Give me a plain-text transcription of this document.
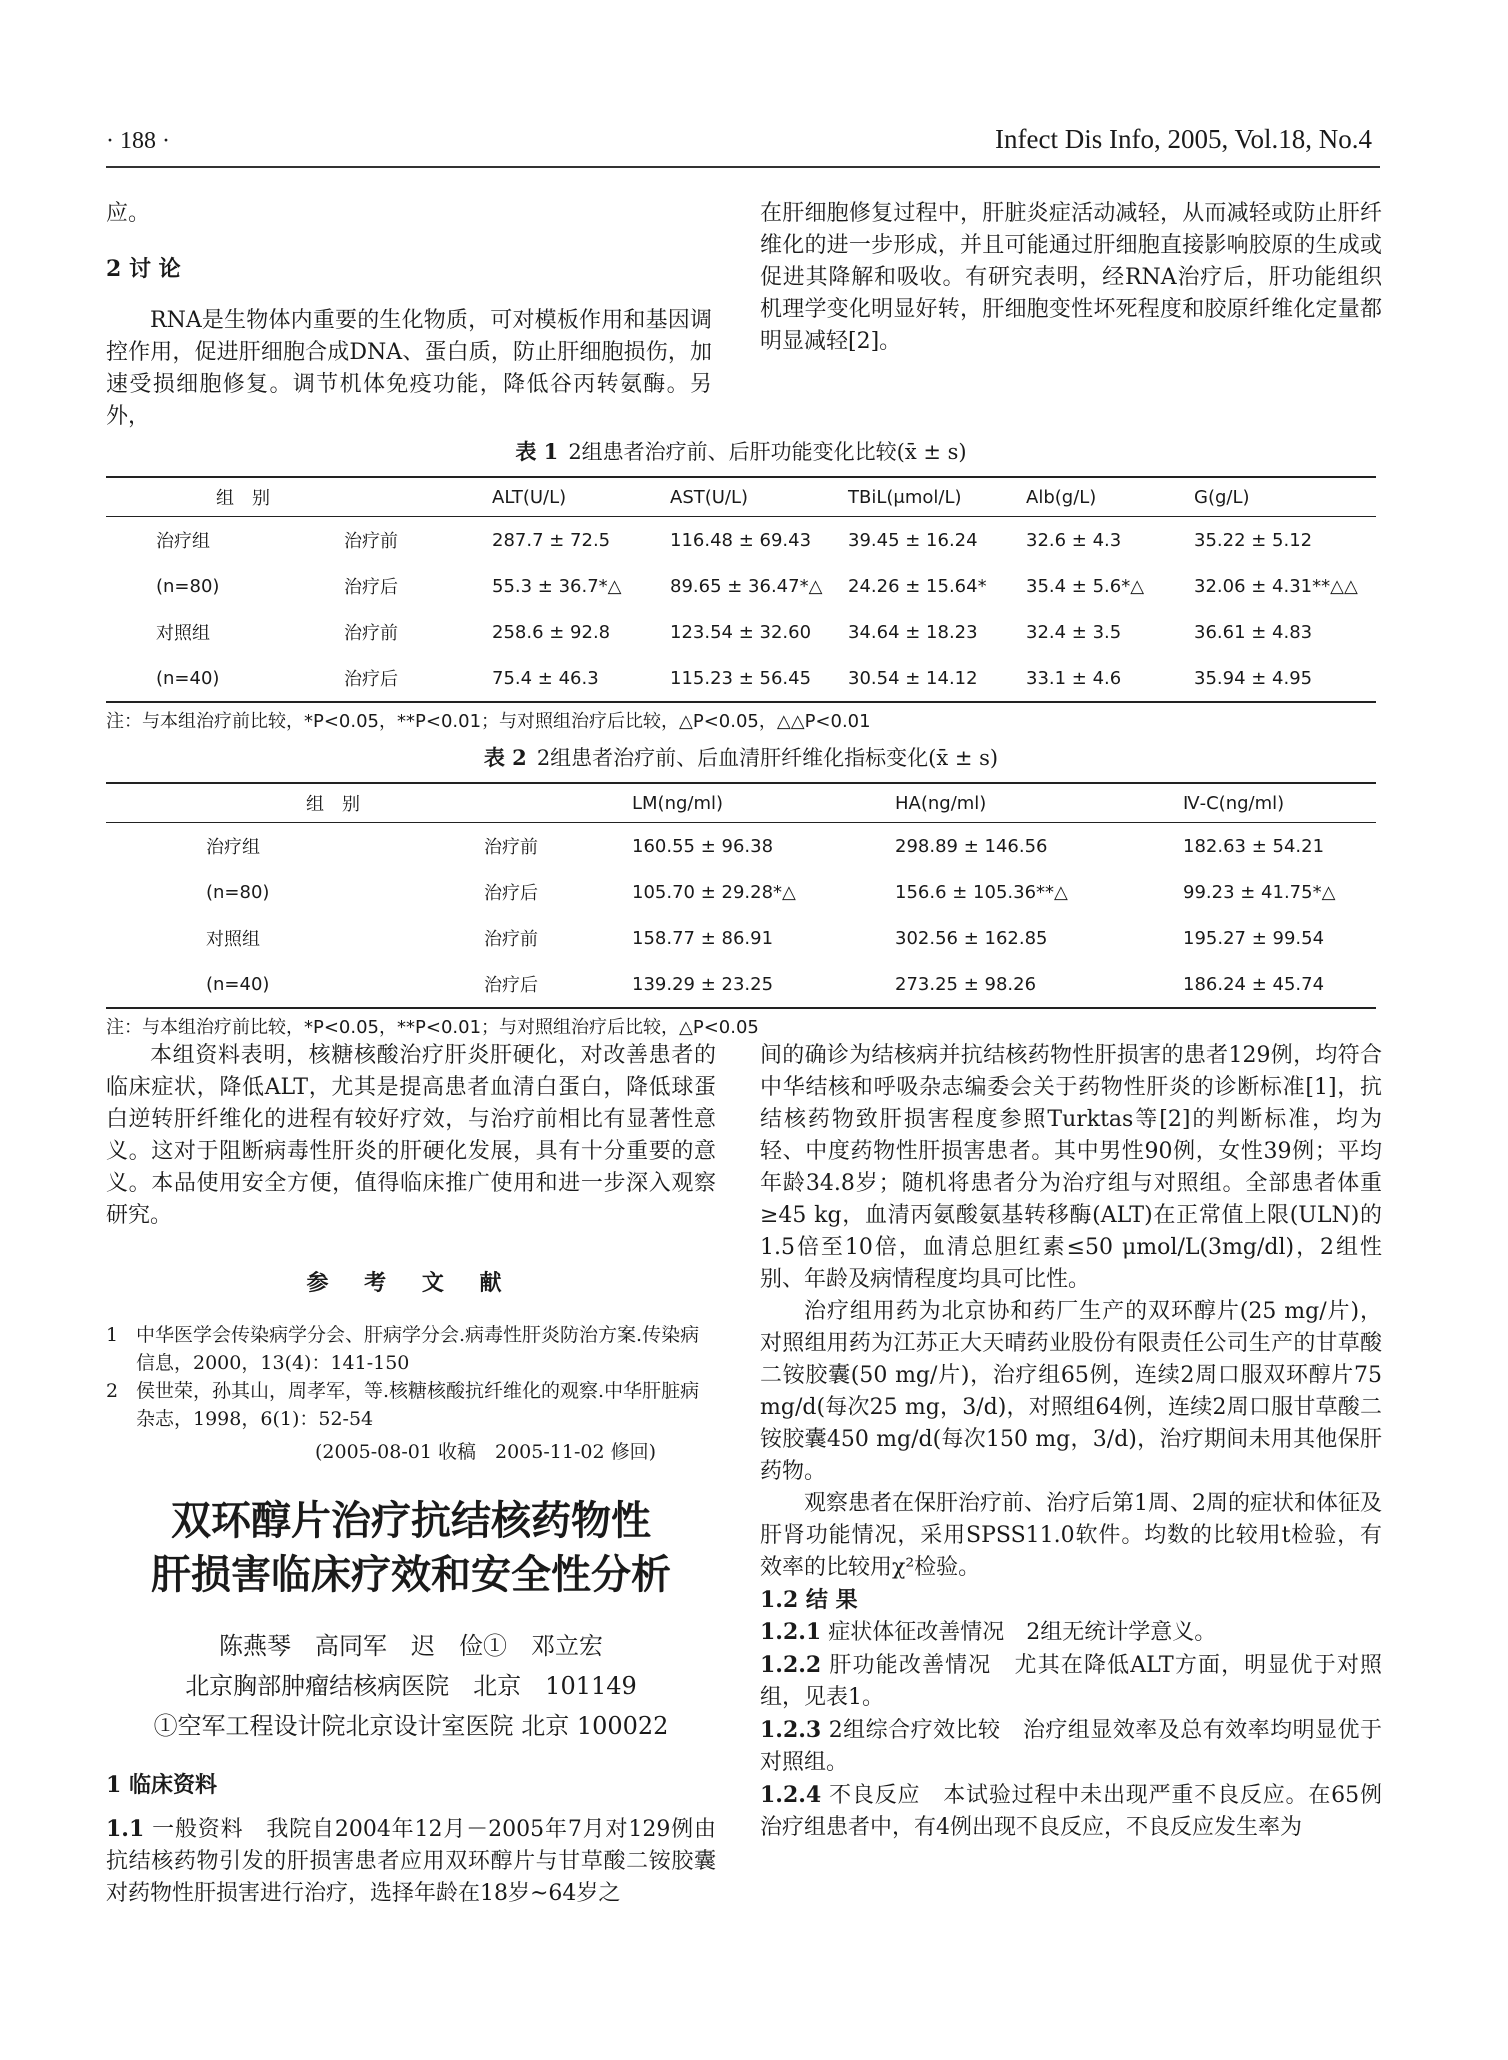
· 188 ·	Infect Dis Info, 2005, Vol.18, No.4

应。

2 讨 论

RNA是生物体内重要的生化物质，可对模板作用和基因调控作用，促进肝细胞合成DNA、蛋白质，防止肝细胞损伤，加速受损细胞修复。调节机体免疫功能，降低谷丙转氨酶。另外，

在肝细胞修复过程中，肝脏炎症活动减轻，从而减轻或防止肝纤维化的进一步形成，并且可能通过肝细胞直接影响胶原的生成或促进其降解和吸收。有研究表明，经RNA治疗后，肝功能组织机理学变化明显好转，肝细胞变性坏死程度和胶原纤维化定量都明显减轻[2]。

表 1 2组患者治疗前、后肝功能变化比较(x̄ ± s)
组　别		ALT(U/L)	AST(U/L)	TBiL(μmol/L)	Alb(g/L)	G(g/L)
治疗组	治疗前	287.7 ± 72.5	116.48 ± 69.43	39.45 ± 16.24	32.6 ± 4.3	35.22 ± 5.12
(n=80)	治疗后	55.3 ± 36.7*△	89.65 ± 36.47*△	24.26 ± 15.64*	35.4 ± 5.6*△	32.06 ± 4.31**△△
对照组	治疗前	258.6 ± 92.8	123.54 ± 32.60	34.64 ± 18.23	32.4 ± 3.5	36.61 ± 4.83
(n=40)	治疗后	75.4 ± 46.3	115.23 ± 56.45	30.54 ± 14.12	33.1 ± 4.6	35.94 ± 4.95
注：与本组治疗前比较，*P<0.05，**P<0.01；与对照组治疗后比较，△P<0.05，△△P<0.01
表 2 2组患者治疗前、后血清肝纤维化指标变化(x̄ ± s)
组　别		LM(ng/ml)	HA(ng/ml)	Ⅳ-C(ng/ml)
治疗组	治疗前	160.55 ± 96.38	298.89 ± 146.56	182.63 ± 54.21
(n=80)	治疗后	105.70 ± 29.28*△	156.6 ± 105.36**△	99.23 ± 41.75*△
对照组	治疗前	158.77 ± 86.91	302.56 ± 162.85	195.27 ± 99.54
(n=40)	治疗后	139.29 ± 23.25	273.25 ± 98.26	186.24 ± 45.74
注：与本组治疗前比较，*P<0.05，**P<0.01；与对照组治疗后比较，△P<0.05

本组资料表明，核糖核酸治疗肝炎肝硬化，对改善患者的临床症状，降低ALT，尤其是提高患者血清白蛋白，降低球蛋白逆转肝纤维化的进程有较好疗效，与治疗前相比有显著性意义。这对于阻断病毒性肝炎的肝硬化发展，具有十分重要的意义。本品使用安全方便，值得临床推广使用和进一步深入观察研究。

参 考 文 献
1 中华医学会传染病学分会、肝病学分会.病毒性肝炎防治方案.传染病信息，2000，13(4)：141-150

2 侯世荣，孙其山，周孝军，等.核糖核酸抗纤维化的观察.中华肝脏病杂志，1998，6(1)：52-54

(2005-08-01 收稿　2005-11-02 修回)
双环醇片治疗抗结核药物性
肝损害临床疗效和安全性分析
陈燕琴　高同军　迟　俭①　邓立宏
北京胸部肿瘤结核病医院　北京　101149
①空军工程设计院北京设计室医院 北京 100022
1 临床资料

1.1 一般资料　我院自2004年12月－2005年7月对129例由抗结核药物引发的肝损害患者应用双环醇片与甘草酸二铵胶囊对药物性肝损害进行治疗，选择年龄在18岁~64岁之

间的确诊为结核病并抗结核药物性肝损害的患者129例，均符合中华结核和呼吸杂志编委会关于药物性肝炎的诊断标准[1]，抗结核药物致肝损害程度参照Turktas等[2]的判断标准，均为轻、中度药物性肝损害患者。其中男性90例，女性39例；平均年龄34.8岁；随机将患者分为治疗组与对照组。全部患者体重≥45 kg，血清丙氨酸氨基转移酶(ALT)在正常值上限(ULN)的1.5倍至10倍，血清总胆红素≤50 μmol/L(3mg/dl)，2组性别、年龄及病情程度均具可比性。

治疗组用药为北京协和药厂生产的双环醇片(25 mg/片)，对照组用药为江苏正大天晴药业股份有限责任公司生产的甘草酸二铵胶囊(50 mg/片)，治疗组65例，连续2周口服双环醇片75 mg/d(每次25 mg，3/d)，对照组64例，连续2周口服甘草酸二铵胶囊450 mg/d(每次150 mg，3/d)，治疗期间未用其他保肝药物。

观察患者在保肝治疗前、治疗后第1周、2周的症状和体征及肝肾功能情况，采用SPSS11.0软件。均数的比较用t检验，有效率的比较用χ²检验。

1.2 结 果

1.2.1 症状体征改善情况　2组无统计学意义。

1.2.2 肝功能改善情况　尤其在降低ALT方面，明显优于对照组，见表1。

1.2.3 2组综合疗效比较　治疗组显效率及总有效率均明显优于对照组。

1.2.4 不良反应　本试验过程中未出现严重不良反应。在65例治疗组患者中，有4例出现不良反应，不良反应发生率为
